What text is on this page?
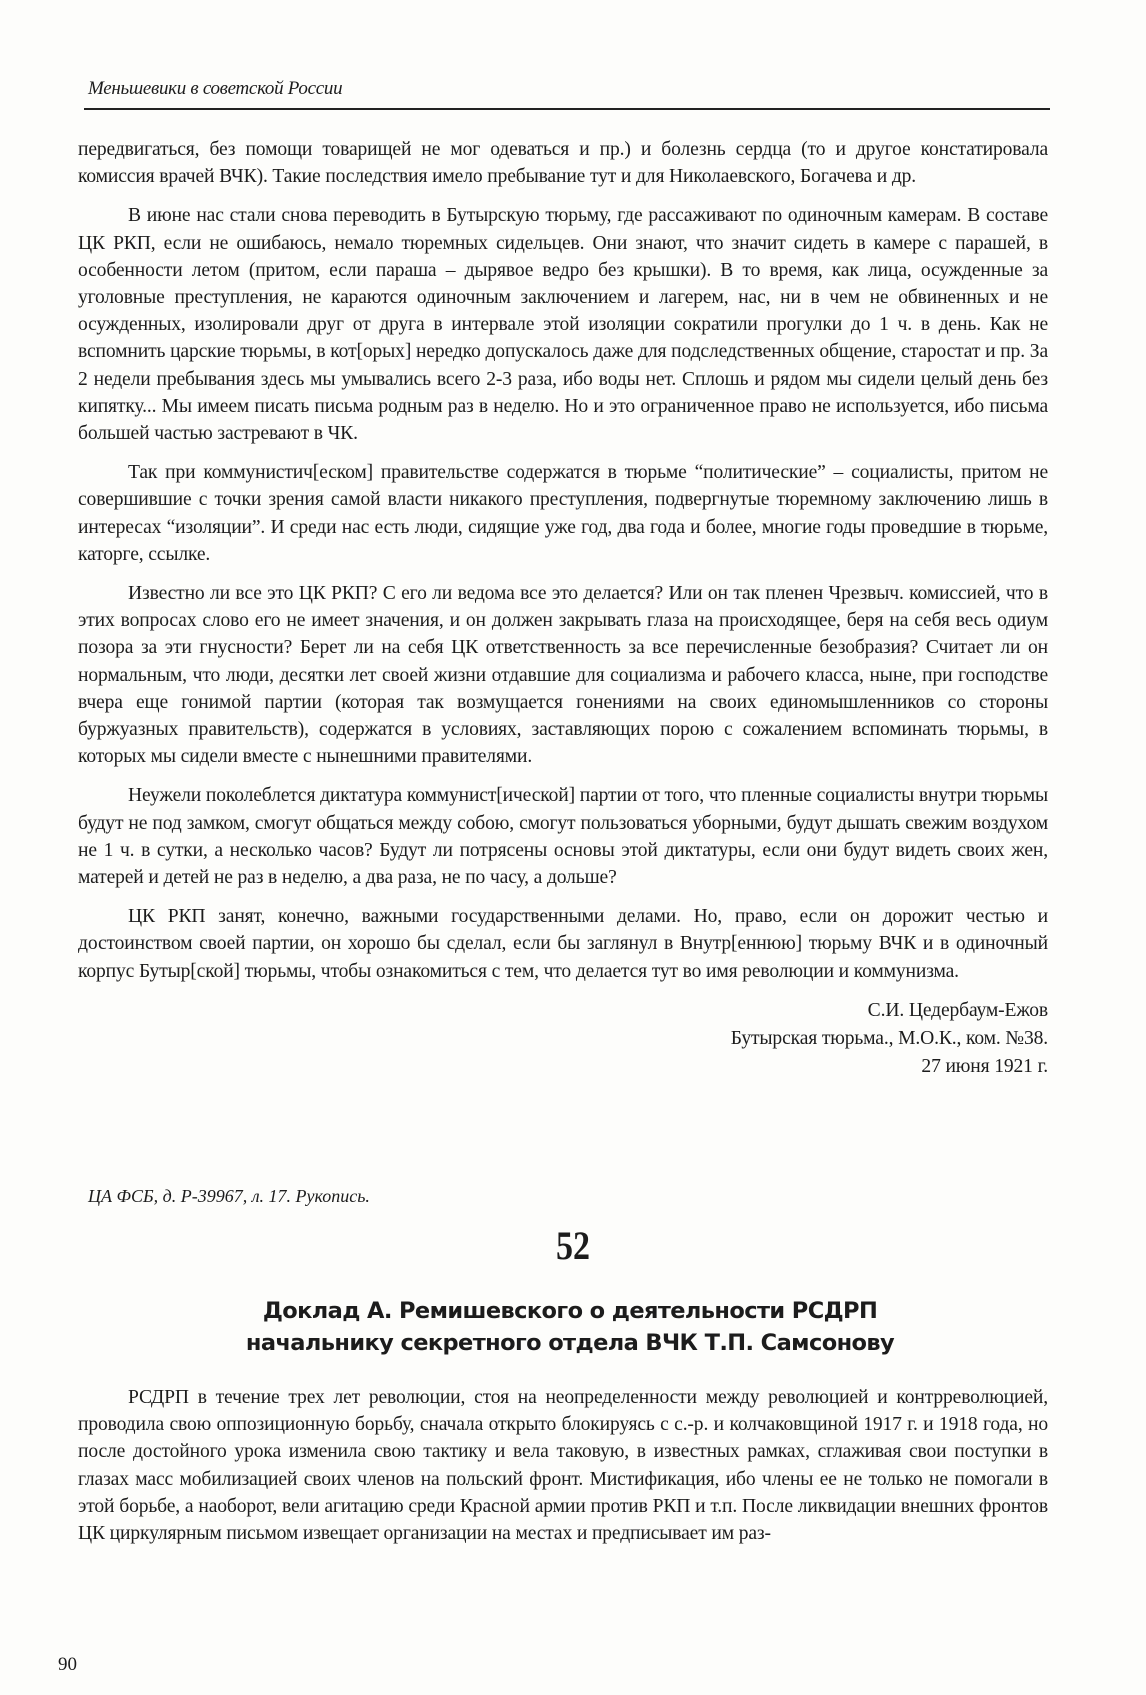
Меньшевики в советской России

передвигаться, без помощи товарищей не мог одеваться и пр.) и болезнь сердца (то и другое констатировала комиссия врачей ВЧК). Такие последствия имело пребывание тут и для Николаевского, Богачева и др.

В июне нас стали снова переводить в Бутырскую тюрьму, где рассаживают по одиночным камерам. В составе ЦК РКП, если не ошибаюсь, немало тюремных сидельцев. Они знают, что значит сидеть в камере с парашей, в особенности летом (притом, если параша – дырявое ведро без крышки). В то время, как лица, осужденные за уголовные преступления, не караются одиночным заключением и лагерем, нас, ни в чем не обвиненных и не осужденных, изолировали друг от друга в интервале этой изоляции сократили прогулки до 1 ч. в день. Как не вспомнить царские тюрьмы, в кот[орых] нередко допускалось даже для подследственных общение, старостат и пр. За 2 недели пребывания здесь мы умывались всего 2-3 раза, ибо воды нет. Сплошь и рядом мы сидели целый день без кипятку... Мы имеем писать письма родным раз в неделю. Но и это ограниченное право не используется, ибо письма большей частью застревают в ЧК.

Так при коммунистич[еском] правительстве содержатся в тюрьме “политические” – социалисты, притом не совершившие с точки зрения самой власти никакого преступления, подвергнутые тюремному заключению лишь в интересах “изоляции”. И среди нас есть люди, сидящие уже год, два года и более, многие годы проведшие в тюрьме, каторге, ссылке.

Известно ли все это ЦК РКП? С его ли ведома все это делается? Или он так пленен Чрезвыч. комиссией, что в этих вопросах слово его не имеет значения, и он должен закрывать глаза на происходящее, беря на себя весь одиум позора за эти гнусности? Берет ли на себя ЦК ответственность за все перечисленные безобразия? Считает ли он нормальным, что люди, десятки лет своей жизни отдавшие для социализма и рабочего класса, ныне, при господстве вчера еще гонимой партии (которая так возмущается гонениями на своих единомышленников со стороны буржуазных правительств), содержатся в условиях, заставляющих порою с сожалением вспоминать тюрьмы, в которых мы сидели вместе с нынешними правителями.

Неужели поколеблется диктатура коммунист[ической] партии от того, что пленные социалисты внутри тюрьмы будут не под замком, смогут общаться между собою, смогут пользоваться уборными, будут дышать свежим воздухом не 1 ч. в сутки, а несколько часов? Будут ли потрясены основы этой диктатуры, если они будут видеть своих жен, матерей и детей не раз в неделю, а два раза, не по часу, а дольше?

ЦК РКП занят, конечно, важными государственными делами. Но, право, если он дорожит честью и достоинством своей партии, он хорошо бы сделал, если бы заглянул в Внутр[еннюю] тюрьму ВЧК и в одиночный корпус Бутыр[ской] тюрьмы, чтобы ознакомиться с тем, что делается тут во имя революции и коммунизма.

С.И. Цедербаум-Ежов
Бутырская тюрьма., М.О.К., ком. №38.
27 июня 1921 г.
ЦА ФСБ, д. Р-39967, л. 17. Рукопись.
52
Доклад А. Ремишевского о деятельности РСДРП
начальнику секретного отдела ВЧК Т.П. Самсонову

РСДРП в течение трех лет революции, стоя на неопределенности между революцией и контрреволюцией, проводила свою оппозиционную борьбу, сначала открыто блокируясь с с.-р. и колчаковщиной 1917 г. и 1918 года, но после достойного урока изменила свою тактику и вела таковую, в известных рамках, сглаживая свои поступки в глазах масс мобилизацией своих членов на польский фронт. Мистификация, ибо члены ее не только не помогали в этой борьбе, а наоборот, вели агитацию среди Красной армии против РКП и т.п. После ликвидации внешних фронтов ЦК циркулярным письмом извещает организации на местах и предписывает им раз-

90
